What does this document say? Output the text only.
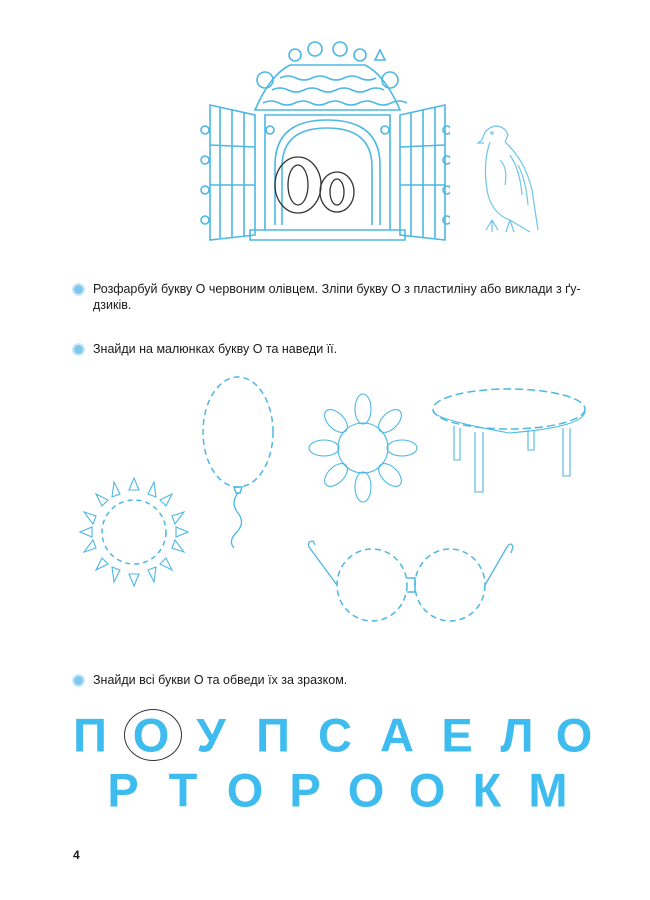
Розфарбуй букву О червоним олівцем. Зліпи букву О з пластиліну або виклади з ґу-дзиків.
Знайди на малюнках букву О та наведи її.
Знайди всі букви О та обведи їх за зразком.
П О У П С А Е Л О
Р Т О Р О О К М
4
